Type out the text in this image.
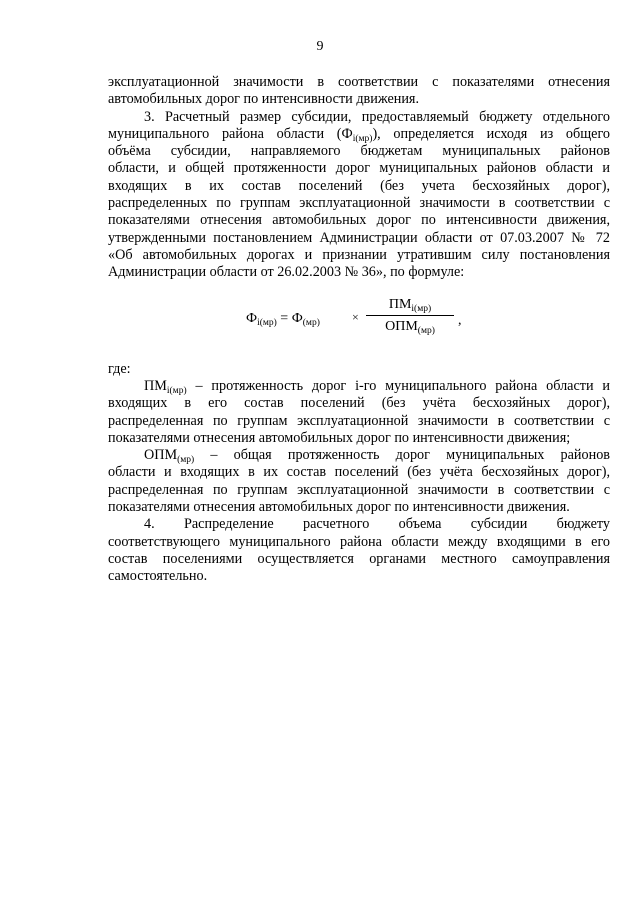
9
эксплуатационной значимости в соответствии с показателями отнесения
автомобильных дорог по интенсивности движения.
3. Расчетный размер субсидии, предоставляемый бюджету отдельного
муниципального района области $(Ф_{i(мр)})$, определяется исходя из общего
объёма субсидии, направляемого бюджетам муниципальных районов
области, и общей протяженности дорог муниципальных районов области и
входящих в их состав поселений (без учета бесхозяйных дорог),
распределенных по группам эксплуатационной значимости в соответствии с
показателями отнесения автомобильных дорог по интенсивности движения,
утвержденными постановлением Администрации области от 07.03.2007 № 72
«Об автомобильных дорогах и признании утратившим силу постановления
Администрации области от 26.02.2003 № 36», по формуле:
$Ф_{i(мр)} = Ф_{(мр)}$	×
$ПМ_{i(мр)}$
$ОПМ_{(мр)}$
,
где:
$ПМ_{i(мр)}$ – протяженность дорог i-го муниципального района области и
входящих в его состав поселений (без учёта бесхозяйных дорог),
распределенная по группам эксплуатационной значимости в соответствии с
показателями отнесения автомобильных дорог по интенсивности движения;
$ОПМ_{(мр)}$ – общая протяженность дорог муниципальных районов
области и входящих в их состав поселений (без учёта бесхозяйных дорог),
распределенная по группам эксплуатационной значимости в соответствии с
показателями отнесения автомобильных дорог по интенсивности движения.
4. Распределение расчетного объема субсидии бюджету
соответствующего муниципального района области между входящими в его
состав поселениями осуществляется органами местного самоуправления
самостоятельно.
